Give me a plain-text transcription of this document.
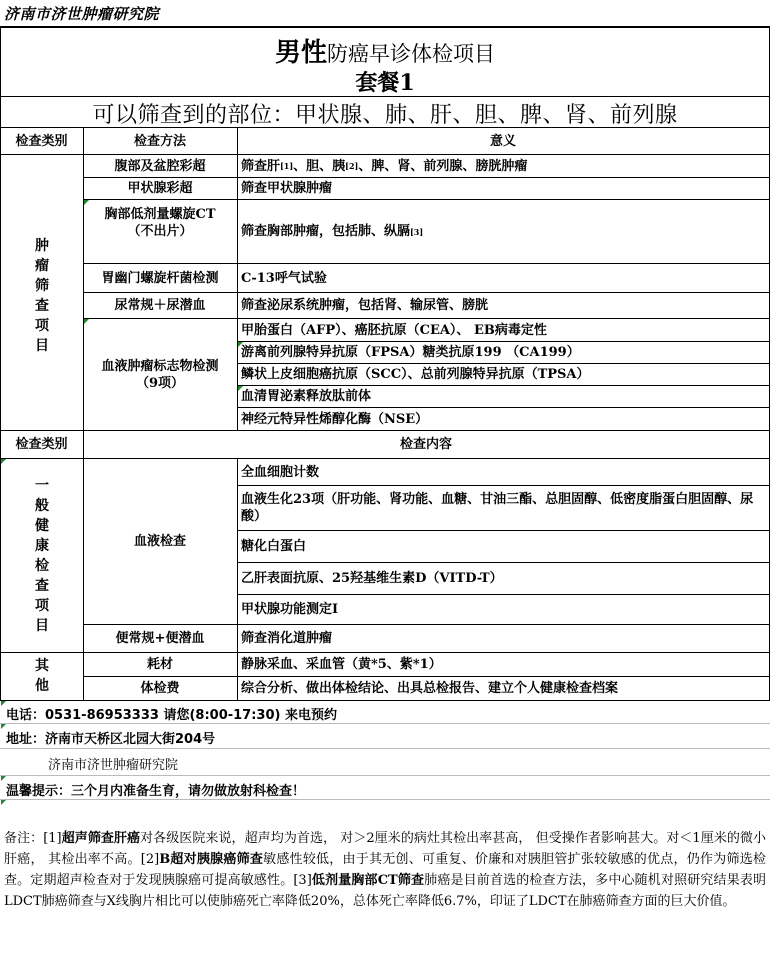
济南市济世肿瘤研究院
男性防癌早诊体检项目
套餐1
可以筛查到的部位：甲状腺、肺、肝、胆、脾、肾、前列腺
检查类别	检查方法	意义
肿
瘤
筛
查
项
目
腹部及盆腔彩超	筛查肝 [1] 、胆、胰 [2] 、脾、肾、前列腺、膀胱肿瘤
甲状腺彩超	筛查甲状腺肿瘤
胸部低剂量螺旋CT
（不出片）	筛查胸部肿瘤，包括肺、纵膈 [3]
胃幽门螺旋杆菌检测	C-13呼气试验
尿常规＋尿潜血	筛查泌尿系统肿瘤，包括肾、输尿管、膀胱
血液肿瘤标志物检测
（9项）
甲胎蛋白（AFP）、癌胚抗原（CEA）、 EB病毒定性
游离前列腺特异抗原（FPSA）糖类抗原199 （CA199）
鳞状上皮细胞癌抗原（SCC）、总前列腺特异抗原（TPSA）
血清胃泌素释放肽前体
神经元特异性烯醇化酶（NSE）
检查类别	检查内容
一
般
健
康
检
查
项
目
血液检查
全血细胞计数
血液生化23项（肝功能、肾功能、血糖、甘油三酯、总胆固醇、低密度脂蛋白胆固醇、尿酸）
糖化白蛋白
乙肝表面抗原、25羟基维生素D（VITD-T）
甲状腺功能测定I
便常规+便潜血	筛查消化道肿瘤
其
他
耗材	静脉采血、采血管（黄*5、紫*1）
体检费	综合分析、做出体检结论、出具总检报告、建立个人健康检查档案
电话：0531-86953333 请您(8:00-17:30) 来电预约
地址：济南市天桥区北园大街204号
济南市济世肿瘤研究院
温馨提示：三个月内准备生育，请勿做放射科检查！
备注：[1]超声筛查肝癌对各级医院来说，超声均为首选， 对＞2厘米的病灶其检出率甚高， 但受操作者影响甚大。对＜1厘米的微小肝癌， 其检出率不高。[2]B超对胰腺癌筛查敏感性较低，由于其无创、可重复、价廉和对胰胆管扩张较敏感的优点，仍作为筛选检查。定期超声检查对于发现胰腺癌可提高敏感性。[3]低剂量胸部CT筛查肺癌是目前首选的检查方法，多中心随机对照研究结果表明LDCT肺癌筛查与X线胸片相比可以使肺癌死亡率降低20%，总体死亡率降低6.7%，印证了LDCT在肺癌筛查方面的巨大价值。
